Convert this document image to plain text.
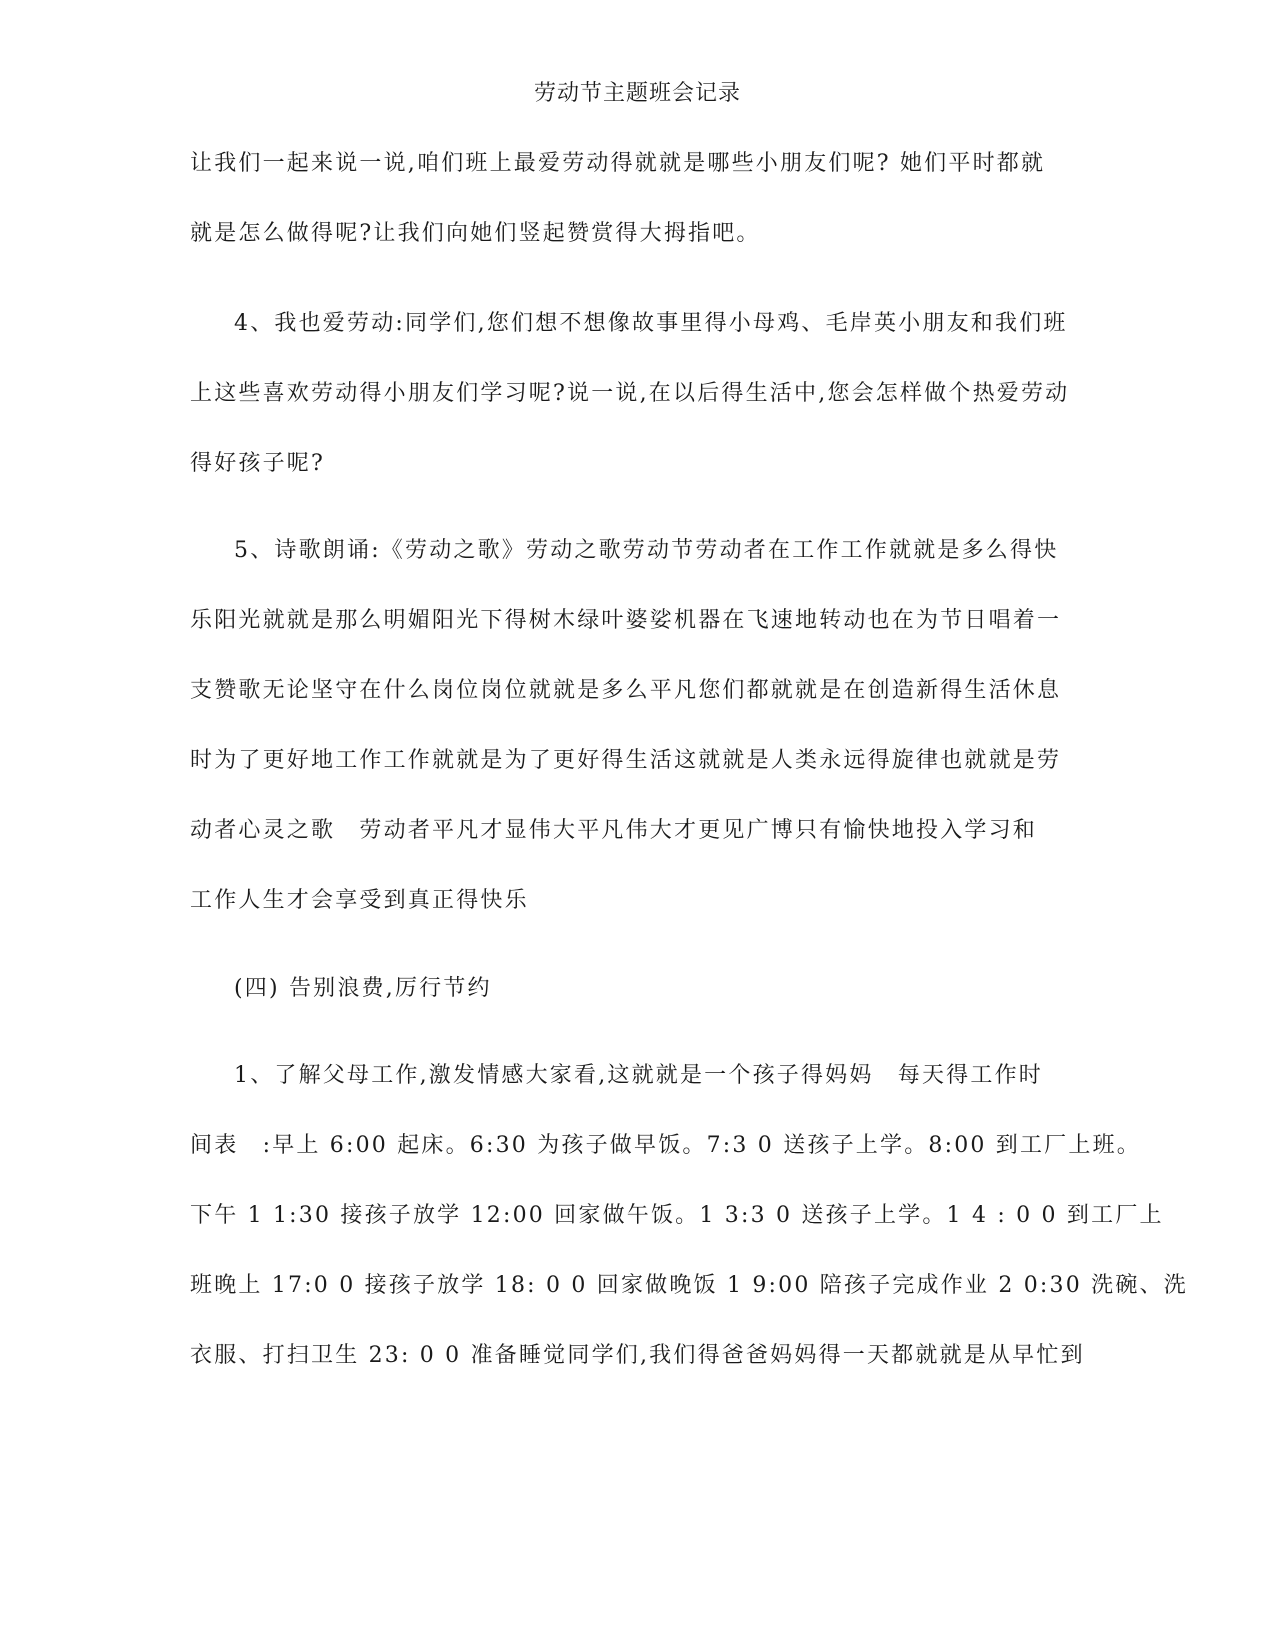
劳动节主题班会记录
让我们一起来说一说,咱们班上最爱劳动得就就是哪些小朋友们呢? 她们平时都就
就是怎么做得呢?让我们向她们竖起赞赏得大拇指吧。
4、我也爱劳动:同学们,您们想不想像故事里得小母鸡、毛岸英小朋友和我们班
上这些喜欢劳动得小朋友们学习呢?说一说,在以后得生活中,您会怎样做个热爱劳动
得好孩子呢?
5、诗歌朗诵:《劳动之歌》劳动之歌劳动节劳动者在工作工作就就是多么得快
乐阳光就就是那么明媚阳光下得树木绿叶婆娑机器在飞速地转动也在为节日唱着一
支赞歌无论坚守在什么岗位岗位就就是多么平凡您们都就就是在创造新得生活休息
时为了更好地工作工作就就是为了更好得生活这就就是人类永远得旋律也就就是劳
动者心灵之歌　劳动者平凡才显伟大平凡伟大才更见广博只有愉快地投入学习和
工作人生才会享受到真正得快乐
(四) 告别浪费,厉行节约
1、了解父母工作,激发情感大家看,这就就是一个孩子得妈妈　每天得工作时
间表　:早上 6:00 起床。6:30 为孩子做早饭。7:3 0 送孩子上学。8:00 到工厂上班。
下午 1 1:30 接孩子放学 12:00 回家做午饭。1 3:3 0 送孩子上学。1 4 : 0 0 到工厂上
班晚上 17:0 0 接孩子放学 18: 0 0 回家做晚饭 1 9:00 陪孩子完成作业 2 0:30 洗碗、洗
衣服、打扫卫生 23: 0 0 准备睡觉同学们,我们得爸爸妈妈得一天都就就是从早忙到
